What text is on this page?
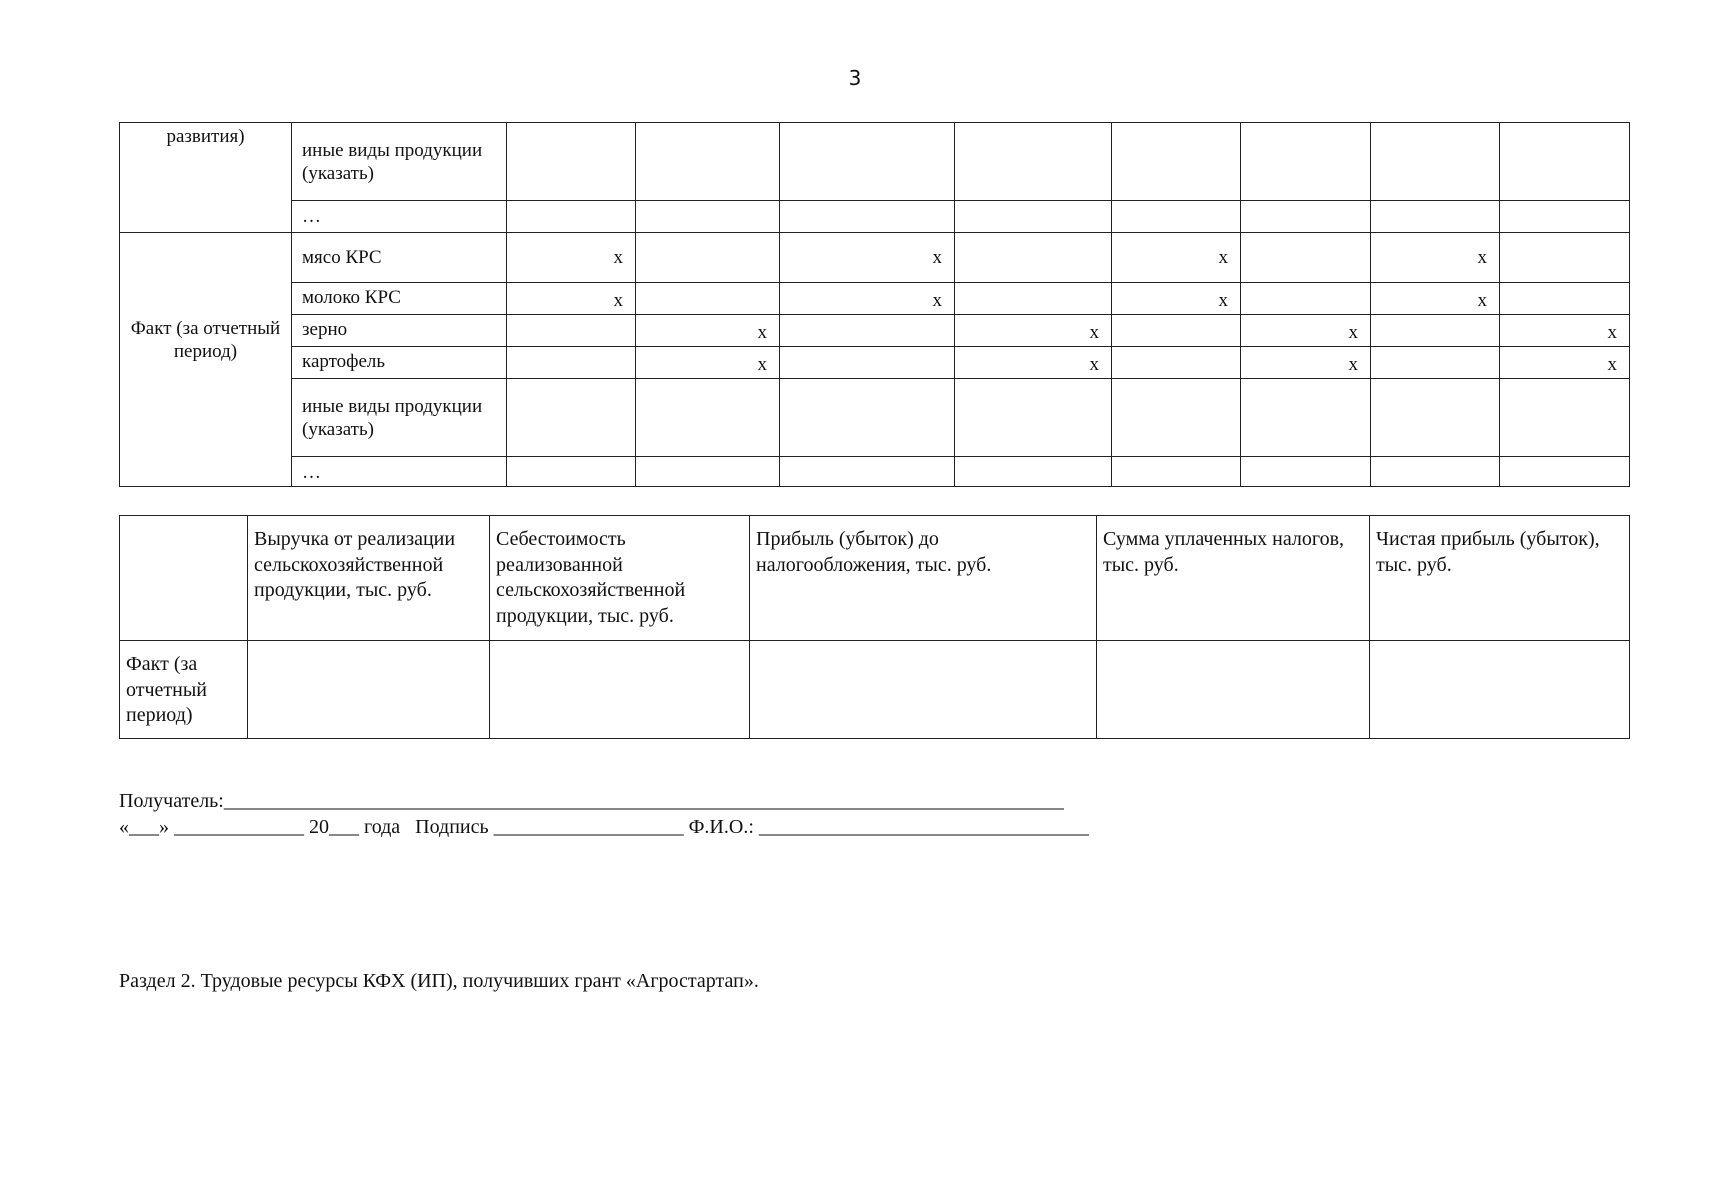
3
развития)	иные виды продукции (указать)								
	…								
Факт (за отчетный период)	мясо КРС	x		x		x		x	
	молоко КРС	x		x		x		x	
	зерно		x		x		x		x
	картофель		x		x		x		x
	иные виды продукции (указать)								
	…								
	Выручка от реализации сельскохозяйственной продукции, тыс. руб.	Себестоимость реализованной сельскохозяйственной продукции, тыс. руб.	Прибыль (убыток) до налогообложения, тыс. руб.	Сумма уплаченных налогов, тыс. руб.	Чистая прибыль (убыток), тыс. руб.
Факт (за отчетный период)					
Получатель:____________________________________________________________________________________
«___» _____________ 20___ года   Подпись ___________________ Ф.И.О.: _________________________________
Раздел 2. Трудовые ресурсы КФХ (ИП), получивших грант «Агростартап».
